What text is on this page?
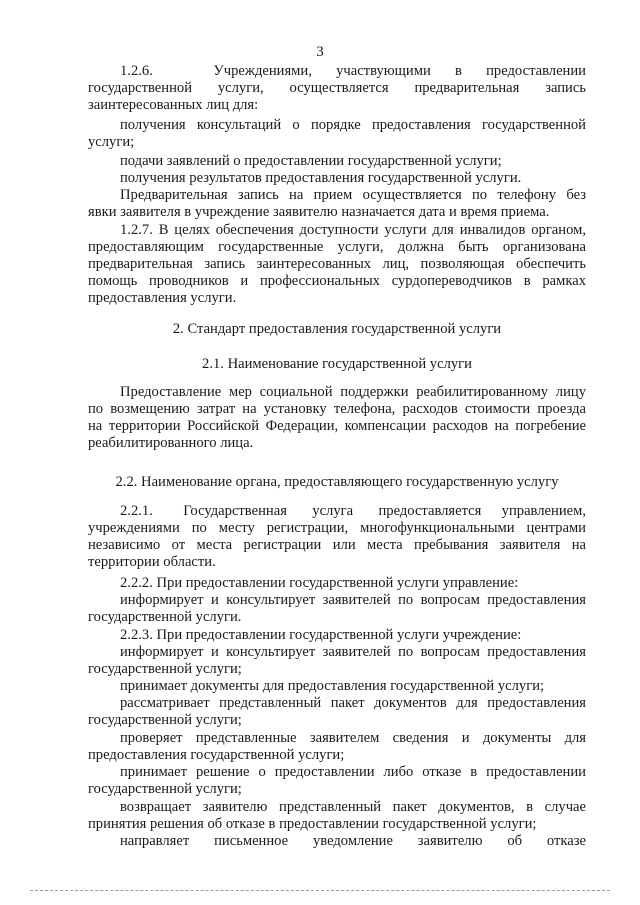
3
1.2.6.     Учреждениями,  участвующими  в  предоставлении
государственной  услуги,  осуществляется  предварительная  запись
заинтересованных лиц для:
получения консультаций о порядке предоставления государственной
услуги;
подачи заявлений о предоставлении государственной услуги;
получения результатов предоставления государственной услуги.
Предварительная запись на прием осуществляется по телефону без
явки заявителя в учреждение заявителю назначается дата и время приема.
1.2.7. В целях обеспечения доступности услуги для инвалидов органом,
предоставляющим государственные услуги, должна быть организована
предварительная запись заинтересованных лиц, позволяющая обеспечить
помощь проводников и профессиональных сурдопереводчиков в рамках
предоставления услуги.
2. Стандарт предоставления государственной услуги
2.1. Наименование государственной услуги
Предоставление мер социальной поддержки реабилитированному лицу
по возмещению затрат на установку телефона, расходов стоимости проезда
на территории Российской Федерации, компенсации расходов на погребение
реабилитированного лица.
2.2. Наименование органа, предоставляющего государственную услугу
2.2.1.      Государственная     услуга     предоставляется    управлением,
учреждениями по месту регистрации, многофункциональными центрами
независимо от места регистрации или места пребывания заявителя на
территории области.
2.2.2. При предоставлении государственной услуги управление:
информирует и консультирует заявителей по вопросам предоставления
государственной услуги.
2.2.3. При предоставлении государственной услуги учреждение:
информирует и консультирует заявителей по вопросам предоставления
государственной услуги;
принимает документы для предоставления государственной услуги;
рассматривает представленный пакет документов для предоставления
государственной услуги;
проверяет представленные заявителем сведения и документы для
предоставления государственной услуги;
принимает решение о предоставлении либо отказе в предоставлении
государственной услуги;
возвращает заявителю представленный пакет документов, в случае
принятия решения об отказе в предоставлении государственной услуги;
направляет     письменное     уведомление     заявителю     об     отказе
